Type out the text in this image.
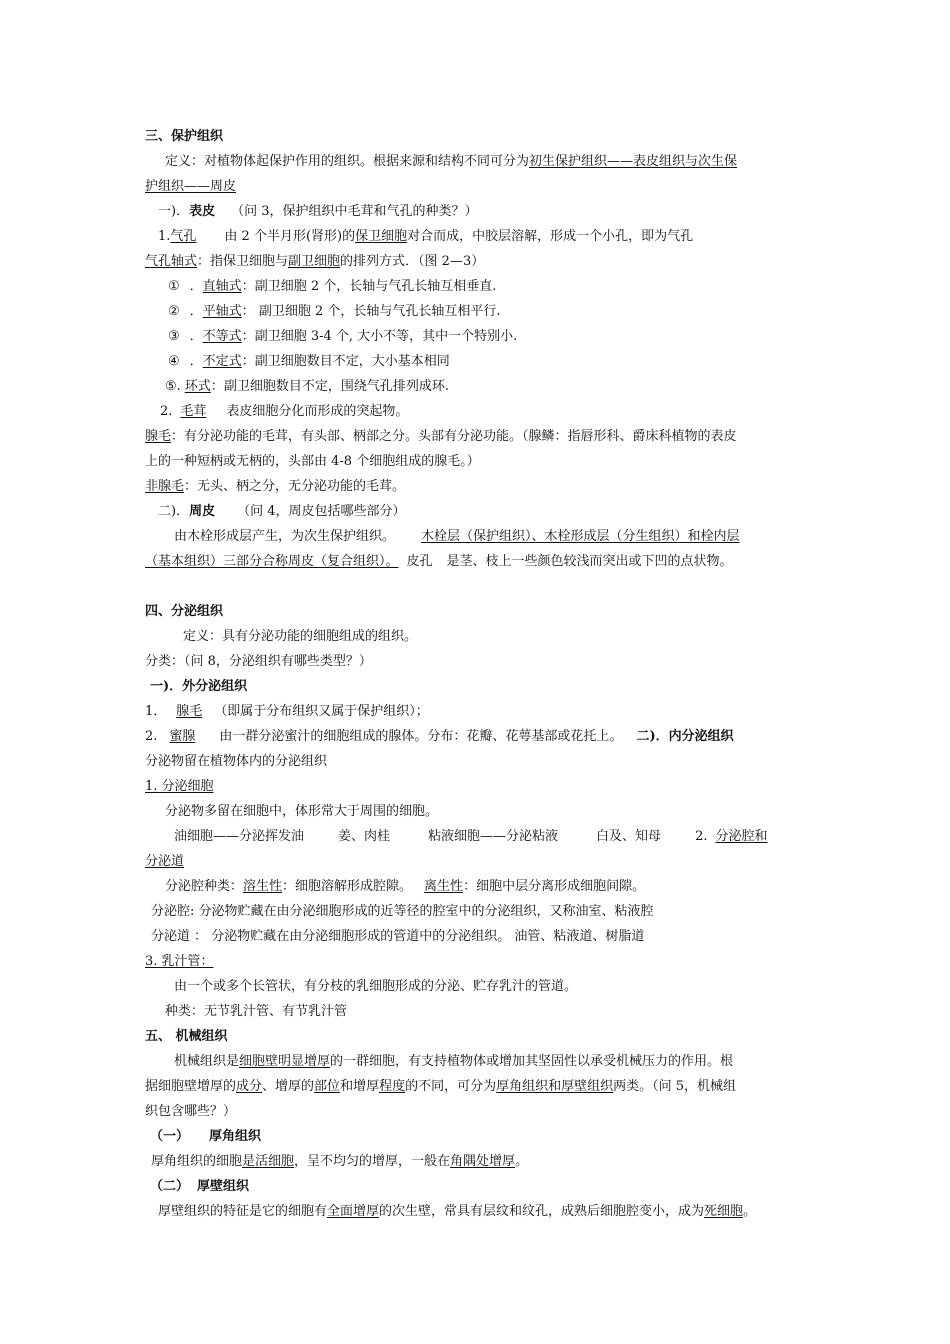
三、保护组织
定义：对植物体起保护作用的组织。根据来源和结构不同可分为初生保护组织——表皮组织与次生保
护组织——周皮
一)．表皮 （问 3，保护组织中毛茸和气孔的种类？）
1.气孔 由 2 个半月形(肾形)的保卫细胞对合而成，中胶层溶解，形成一个小孔，即为气孔
气孔轴式：指保卫细胞与副卫细胞的排列方式．（图 2—3）
① ．直轴式：副卫细胞 2 个，长轴与气孔长轴互相垂直.
② ．平轴式： 副卫细胞 2 个，长轴与气孔长轴互相平行.
③ ．不等式：副卫细胞 3-4 个, 大小不等，其中一个特别小.
④ ．不定式：副卫细胞数目不定，大小基本相同
⑤. 环式：副卫细胞数目不定，围绕气孔排列成环.
2. 毛茸 表皮细胞分化而形成的突起物。
腺毛：有分泌功能的毛茸，有头部、柄部之分。头部有分泌功能。（腺鳞：指唇形科、爵床科植物的表皮
上的一种短柄或无柄的，头部由 4-8 个细胞组成的腺毛。）
非腺毛：无头、柄之分，无分泌功能的毛茸。
二)．周皮 （问 4，周皮包括哪些部分）
由木栓形成层产生，为次生保护组织。 木栓层（保护组织）、木栓形成层（分生组织）和栓内层
（基本组织）三部分合称周皮（复合组织）。 皮孔 是茎、枝上一些颜色较浅而突出或下凹的点状物。
四、分泌组织
定义：具有分泌功能的细胞组成的组织。
分类：（问 8，分泌组织有哪些类型？）
一)．外分泌组织
1． 腺毛 （即属于分布组织又属于保护组织）；
2. 蜜腺 由一群分泌蜜汁的细胞组成的腺体。分布：花瓣、花萼基部或花托上。 二)．内分泌组织
分泌物留在植物体内的分泌组织
1. 分泌细胞
分泌物多留在细胞中，体形常大于周围的细胞。
油细胞——分泌挥发油	姜、肉桂	粘液细胞——分泌粘液	白及、知母	2. 分泌腔和
分泌道
分泌腔种类：溶生性：细胞溶解形成腔隙。 离生性：细胞中层分离形成细胞间隙。
分泌腔: 分泌物贮藏在由分泌细胞形成的近等径的腔室中的分泌组织，又称油室、粘液腔
分泌道 ： 分泌物贮藏在由分泌细胞形成的管道中的分泌组织。 油管、粘液道、树脂道
3. 乳汁管：
由一个或多个长管状，有分枝的乳细胞形成的分泌、贮存乳汁的管道。
种类：无节乳汁管、有节乳汁管
五、 机械组织
机械组织是细胞壁明显增厚的一群细胞，有支持植物体或增加其坚固性以承受机械压力的作用。根
据细胞壁增厚的成分、增厚的部位和增厚程度的不同，可分为厚角组织和厚壁组织两类。（问 5，机械组
织包含哪些？）
（一） 厚角组织
厚角组织的细胞是活细胞，呈不均匀的增厚，一般在角隅处增厚。
（二） 厚壁组织
厚壁组织的特征是它的细胞有全面增厚的次生壁，常具有层纹和纹孔，成熟后细胞腔变小，成为死细胞。
